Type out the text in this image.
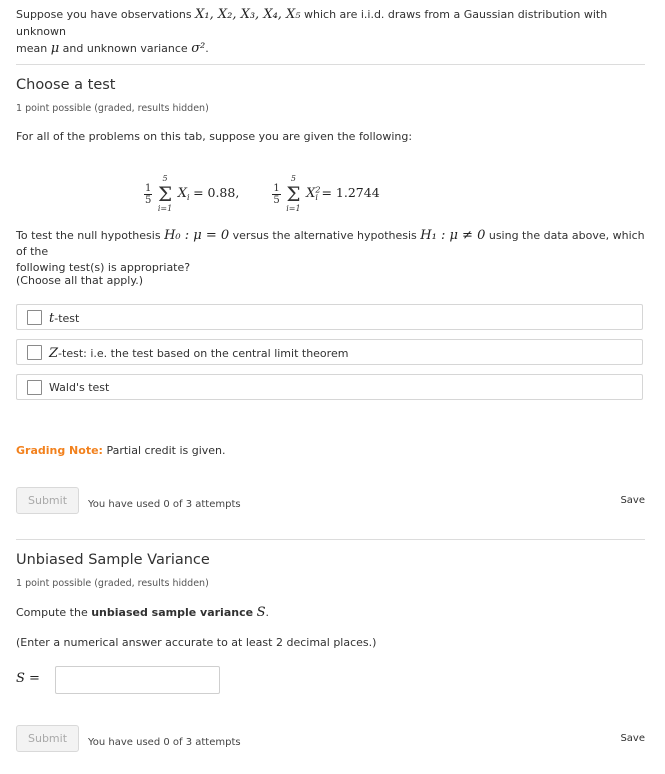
Suppose you have observations X₁, X₂, X₃, X₄, X₅ which are i.i.d. draws from a Gaussian distribution with unknown
mean μ and unknown variance σ².
Choose a test
1 point possible (graded, results hidden)
For all of the problems on this tab, suppose you are given the following:
$\frac{1}{5}$

5
Σ
i=1
$X_i = 0.88$,	$\frac{1}{5}$

5
Σ
i=1
$X^2_i = 1.2744$
To test the null hypothesis H₀ : μ = 0 versus the alternative hypothesis H₁ : μ ≠ 0 using the data above, which of the
following test(s) is appropriate?
(Choose all that apply.)
t-test
Z-test: i.e. the test based on the central limit theorem
Wald's test
Grading Note: Partial credit is given.
Submit	You have used 0 of 3 attempts	Save
Unbiased Sample Variance
1 point possible (graded, results hidden)
Compute the unbiased sample variance S.
(Enter a numerical answer accurate to at least 2 decimal places.)
S =
Submit	You have used 0 of 3 attempts	Save
